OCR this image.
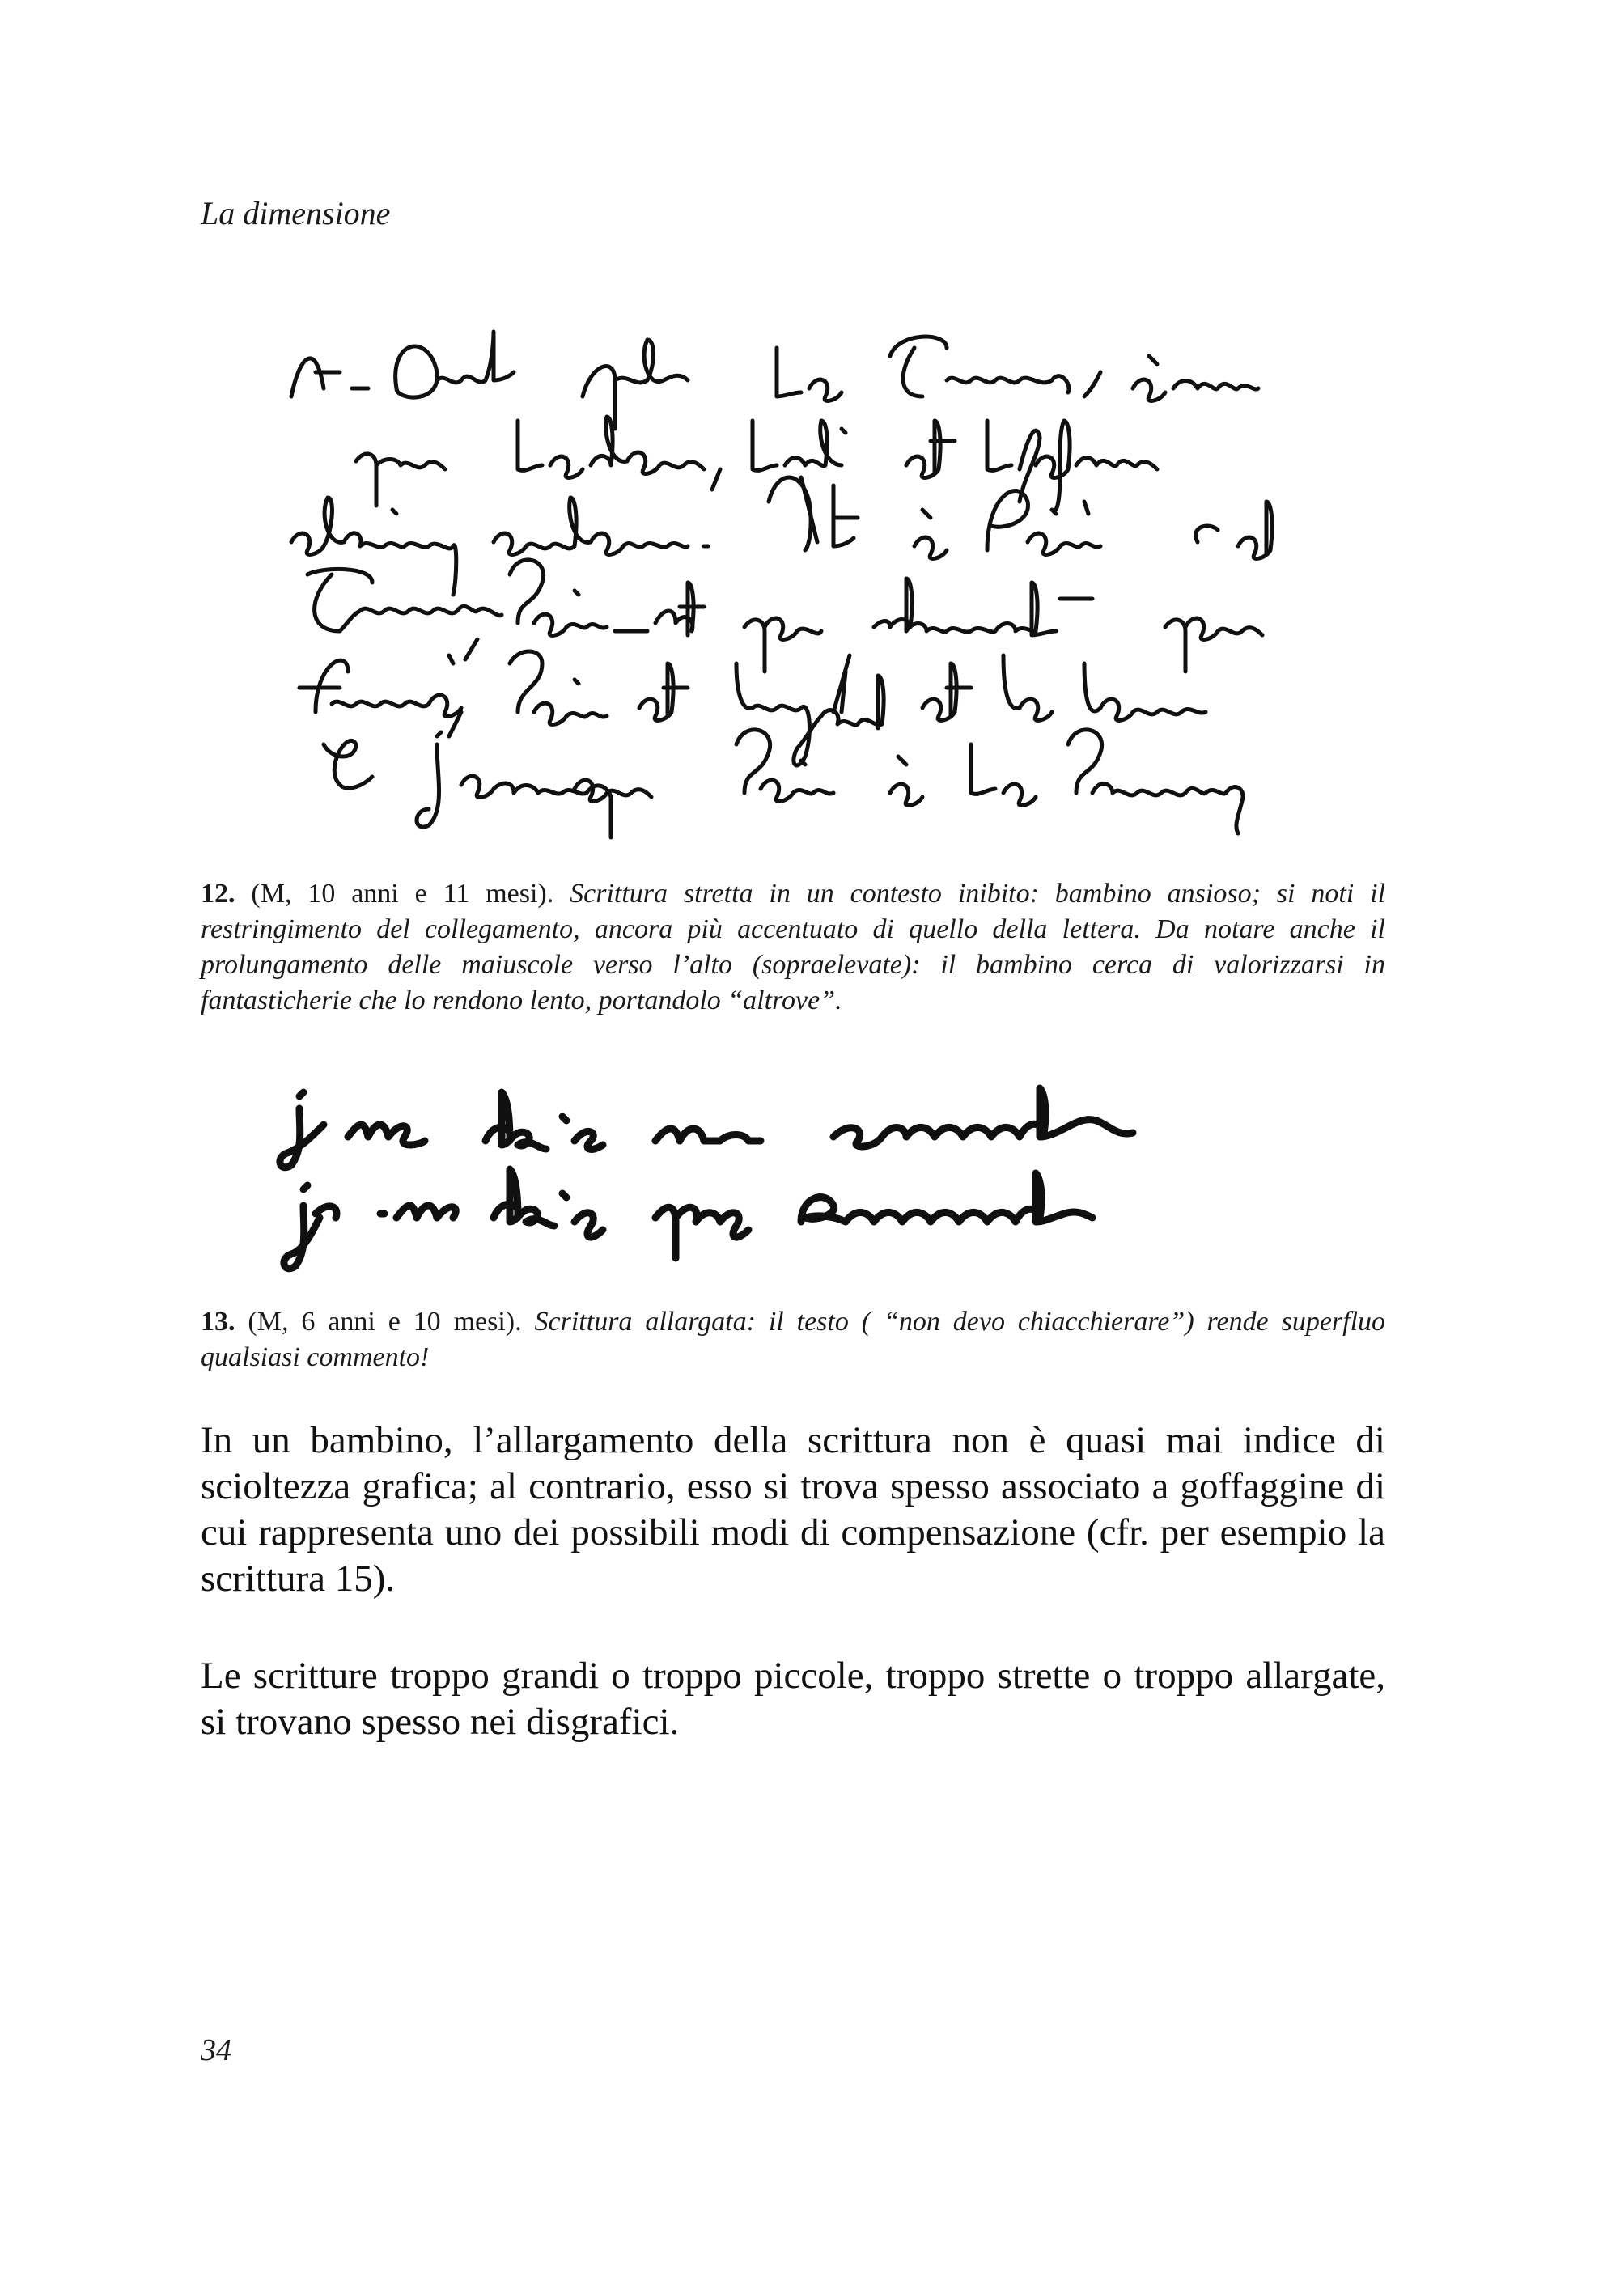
La dimensione

12. (M, 10 anni e 11 mesi). Scrittura stretta in un contesto inibito: bambino ansioso; si noti il restringimento del collegamento, ancora più accentuato di quello della lettera. Da notare anche il prolungamento delle maiuscole verso l’alto (sopraelevate): il bambino cerca di valorizzarsi in fantasticherie che lo rendono lento, portandolo “altrove”.

13. (M, 6 anni e 10 mesi). Scrittura allargata: il testo ( “non devo chiacchierare”) rende superfluo qualsiasi commento!

In un bambino, l’allargamento della scrittura non è quasi mai indice di scioltezza grafica; al contrario, esso si trova spesso associato a goffaggine di cui rappresenta uno dei possibili modi di compensazione (cfr. per esempio la scrittura 15).

Le scritture troppo grandi o troppo piccole, troppo strette o troppo allargate, si trovano spesso nei disgrafici.

34
